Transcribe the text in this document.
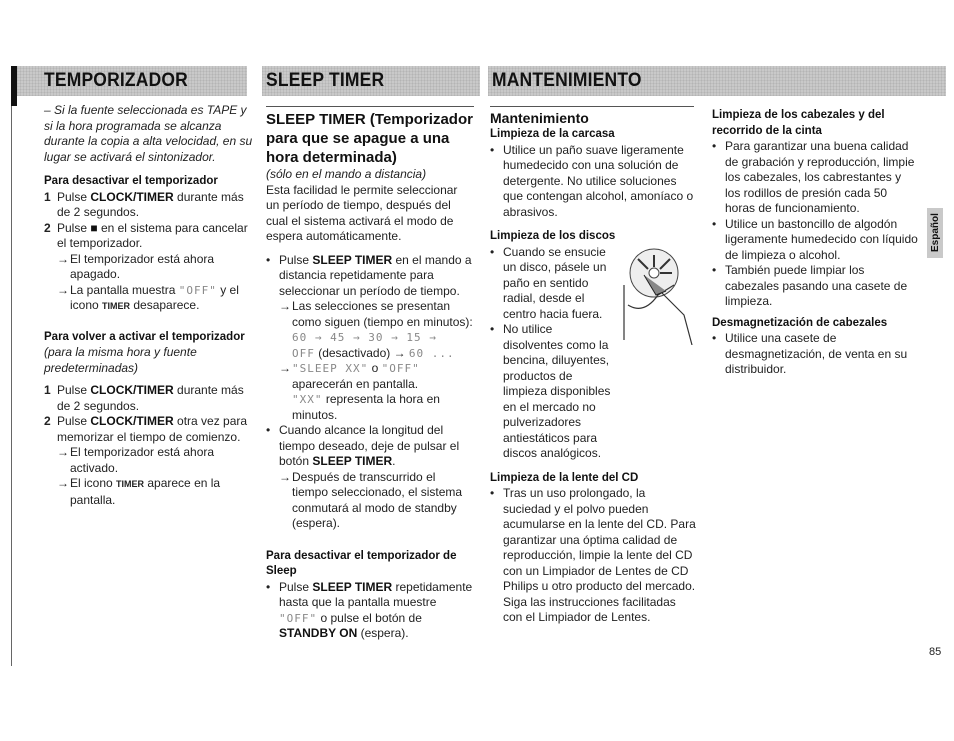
TEMPORIZADOR	SLEEP TIMER	MANTENIMIENTO

– Si la fuente seleccionada es TAPE y si la hora programada se alcanza durante la copia a alta velocidad, en su lugar se activará el sintonizador.

Para desactivar el temporizador

1 Pulse CLOCK/TIMER durante más de 2 segundos.

2 Pulse ■ en el sistema para cancelar el temporizador.

→ El temporizador está ahora apagado.

→ La pantalla muestra "OFF" y el icono TIMER desaparece.

Para volver a activar el temporizador

(para la misma hora y fuente predeterminadas)

1 Pulse CLOCK/TIMER durante más de 2 segundos.

2 Pulse CLOCK/TIMER otra vez para memorizar el tiempo de comienzo.

→ El temporizador está ahora activado.

→ El icono TIMER aparece en la pantalla.

SLEEP TIMER (Temporizador para que se apague a una hora determinada)

(sólo en el mando a distancia)

Esta facilidad le permite seleccionar un período de tiempo, después del cual el sistema activará el modo de espera automáticamente.

• Pulse SLEEP TIMER en el mando a distancia repetidamente para seleccionar un período de tiempo.

→ Las selecciones se presentan como siguen (tiempo en minutos):

60 → 45 → 30 → 15 →

OFF (desactivado) → 60 ...

→ "SLEEP XX" o "OFF" aparecerán en pantalla.

"XX" representa la hora en minutos.

• Cuando alcance la longitud del tiempo deseado, deje de pulsar el botón SLEEP TIMER.

→ Después de transcurrido el tiempo seleccionado, el sistema conmutará al modo de standby (espera).

Para desactivar el temporizador de Sleep

• Pulse SLEEP TIMER repetidamente hasta que la pantalla muestre "OFF" o pulse el botón de STANDBY ON (espera).

Mantenimiento

Limpieza de la carcasa

• Utilice un paño suave ligeramente humedecido con una solución de detergente. No utilice soluciones que contengan alcohol, amoníaco o abrasivos.

Limpieza de los discos

• Cuando se ensucie un disco, pásele un paño en sentido radial, desde el centro hacia fuera.

• No utilice disolventes como la bencina, diluyentes, productos de limpieza disponibles en el mercado no pulverizadores antiestáticos para discos analógicos.

Limpieza de la lente del CD

• Tras un uso prolongado, la suciedad y el polvo pueden acumularse en la lente del CD. Para garantizar una óptima calidad de reproducción, limpie la lente del CD con un Limpiador de Lentes de CD Philips u otro producto del mercado. Siga las instrucciones facilitadas con el Limpiador de Lentes.

Limpieza de los cabezales y del recorrido de la cinta

• Para garantizar una buena calidad de grabación y reproducción, limpie los cabezales, los cabrestantes y los rodillos de presión cada 50 horas de funcionamiento.

• Utilice un bastoncillo de algodón ligeramente humedecido con líquido de limpieza o alcohol.

• También puede limpiar los cabezales pasando una casete de limpieza.

Desmagnetización de cabezales

• Utilice una casete de desmagnetización, de venta en su distribuidor.

Español
85
